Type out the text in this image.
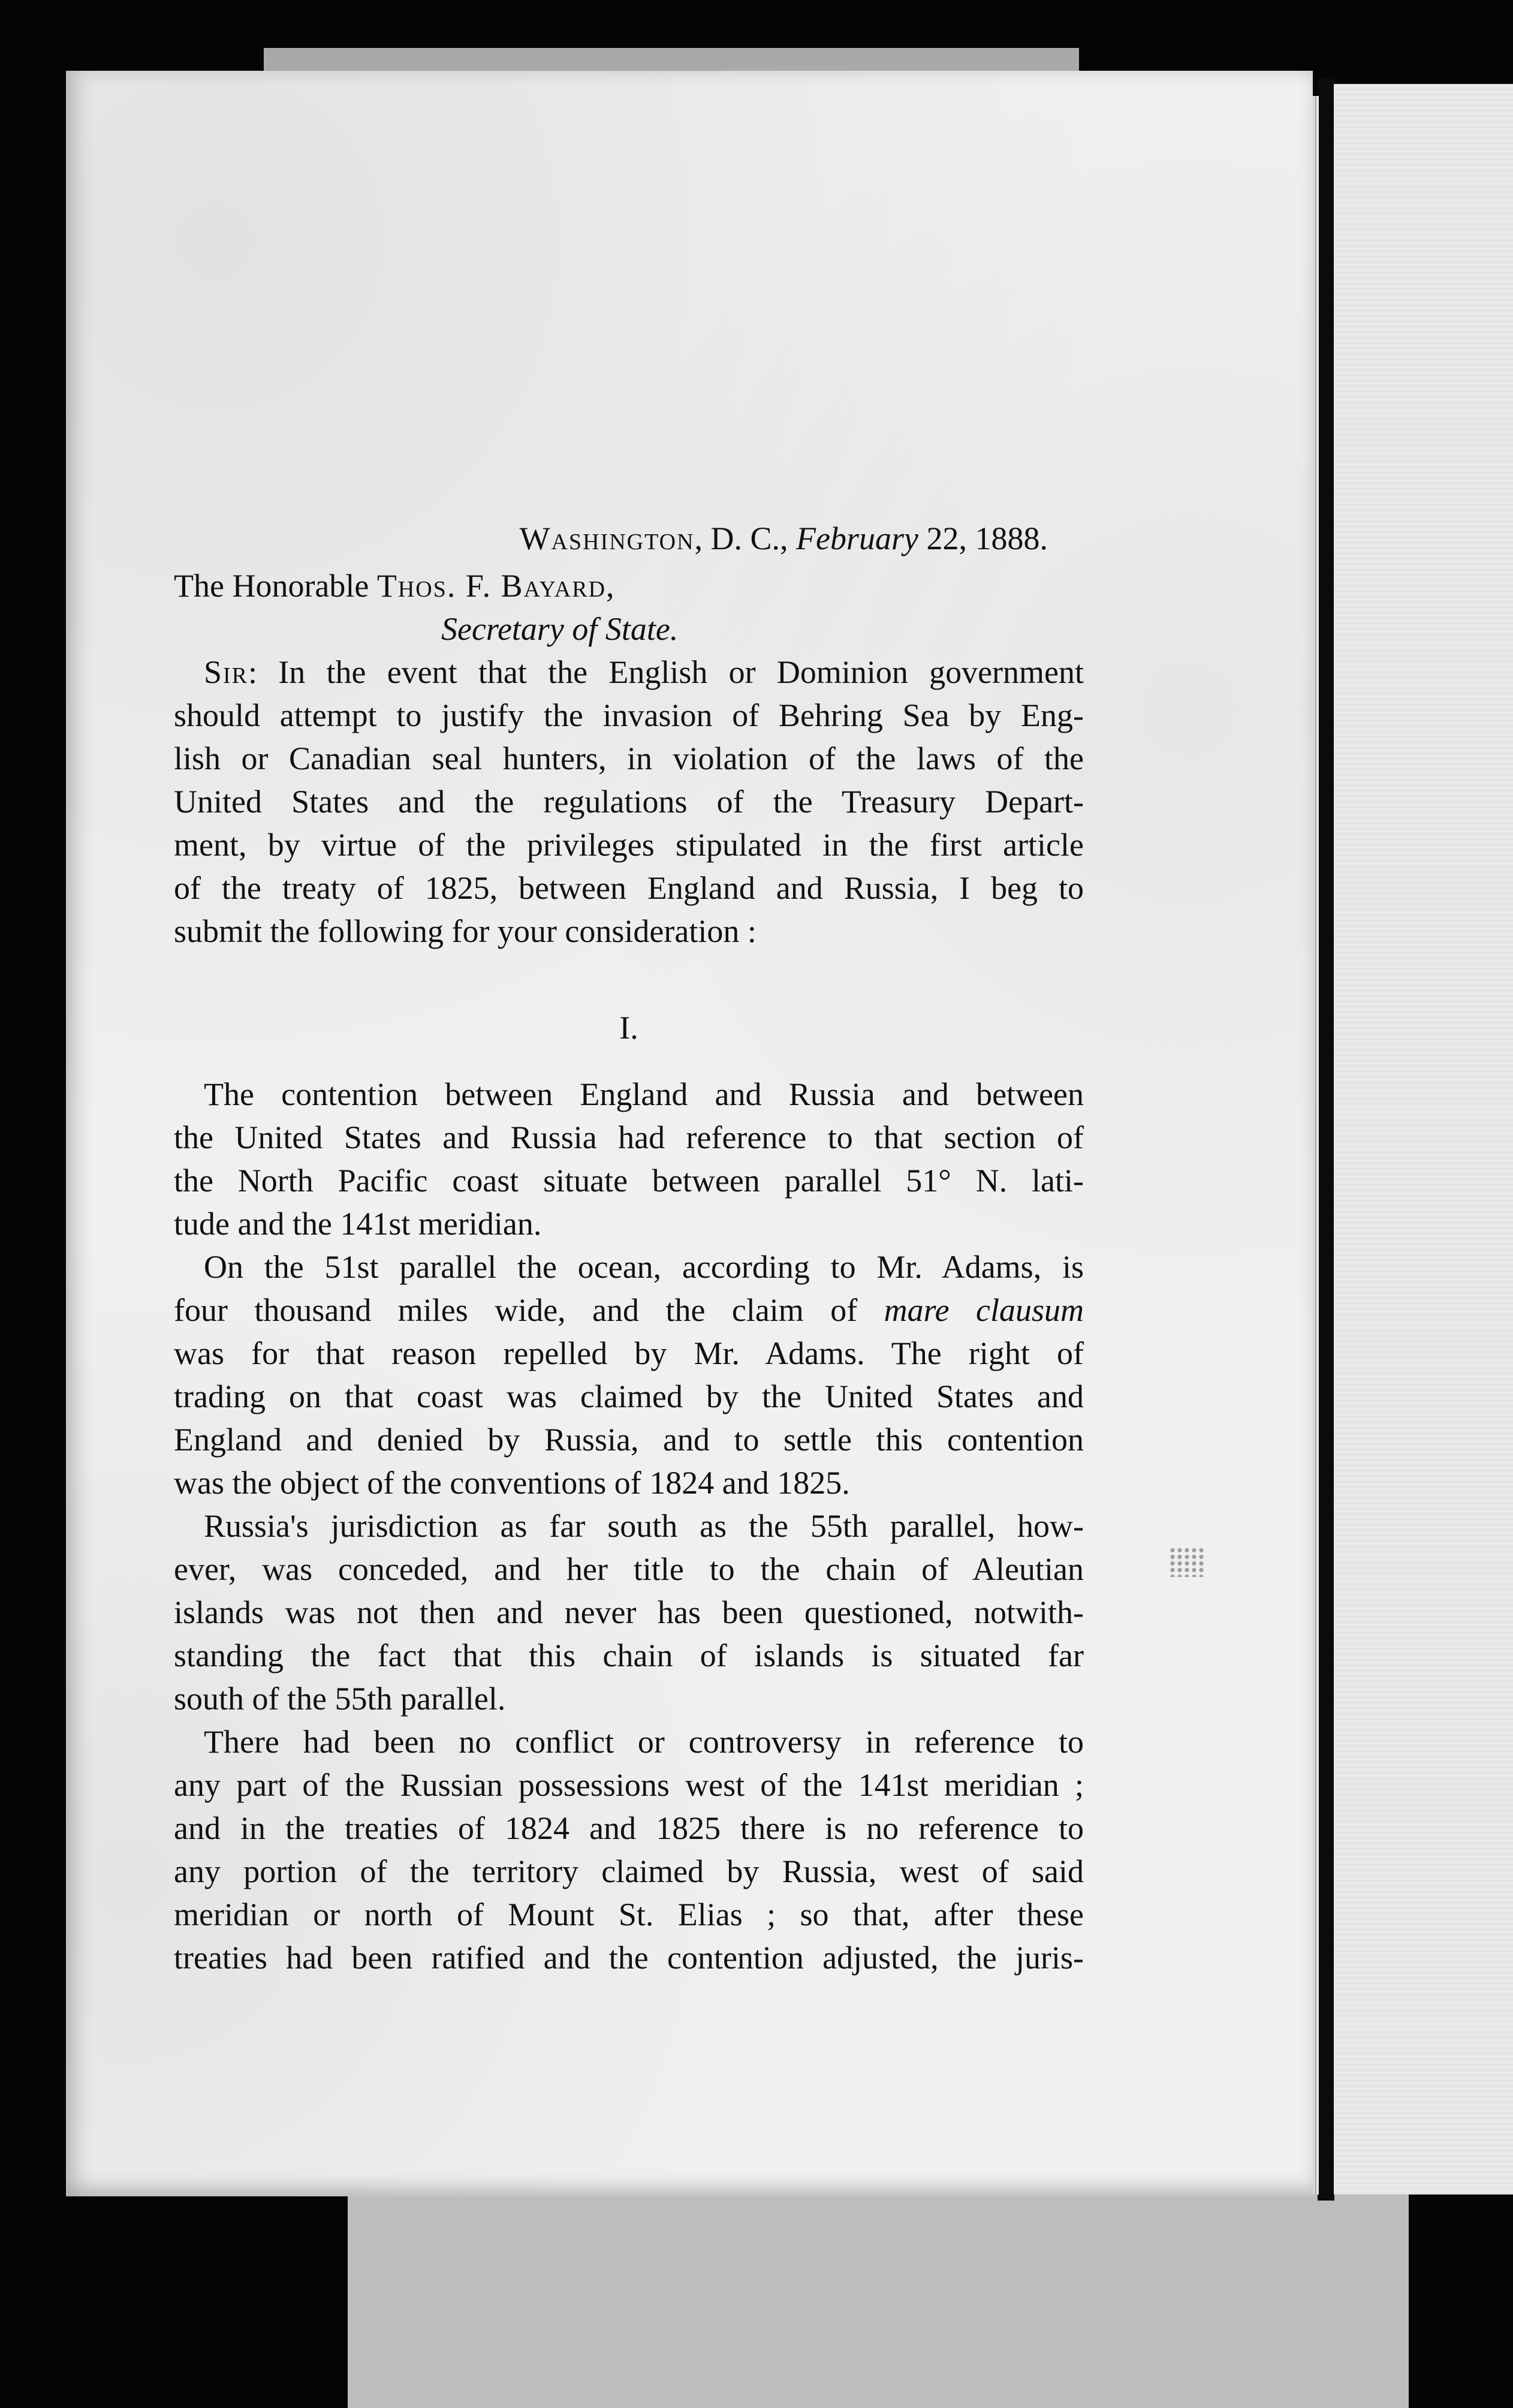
Washington, D. C., February 22, 1888.
The Honorable Thos. F. Bayard,
Secretary of State.
Sir: In the event that the English or Dominion government
should attempt to justify the invasion of Behring Sea by Eng-
lish or Canadian seal hunters, in violation of the laws of the
United States and the regulations of the Treasury Depart-
ment, by virtue of the privileges stipulated in the first article
of the treaty of 1825, between England and Russia, I beg to
submit the following for your consideration :
I.
The contention between England and Russia and between
the United States and Russia had reference to that section of
the North Pacific coast situate between parallel 51° N. lati-
tude and the 141st meridian.
On the 51st parallel the ocean, according to Mr. Adams, is
four thousand miles wide, and the claim of mare clausum
was for that reason repelled by Mr. Adams. The right of
trading on that coast was claimed by the United States and
England and denied by Russia, and to settle this contention
was the object of the conventions of 1824 and 1825.
Russia's jurisdiction as far south as the 55th parallel, how-
ever, was conceded, and her title to the chain of Aleutian
islands was not then and never has been questioned, notwith-
standing the fact that this chain of islands is situated far
south of the 55th parallel.
There had been no conflict or controversy in reference to
any part of the Russian possessions west of the 141st meridian ;
and in the treaties of 1824 and 1825 there is no reference to
any portion of the territory claimed by Russia, west of said
meridian or north of Mount St. Elias ; so that, after these
treaties had been ratified and the contention adjusted, the juris-
